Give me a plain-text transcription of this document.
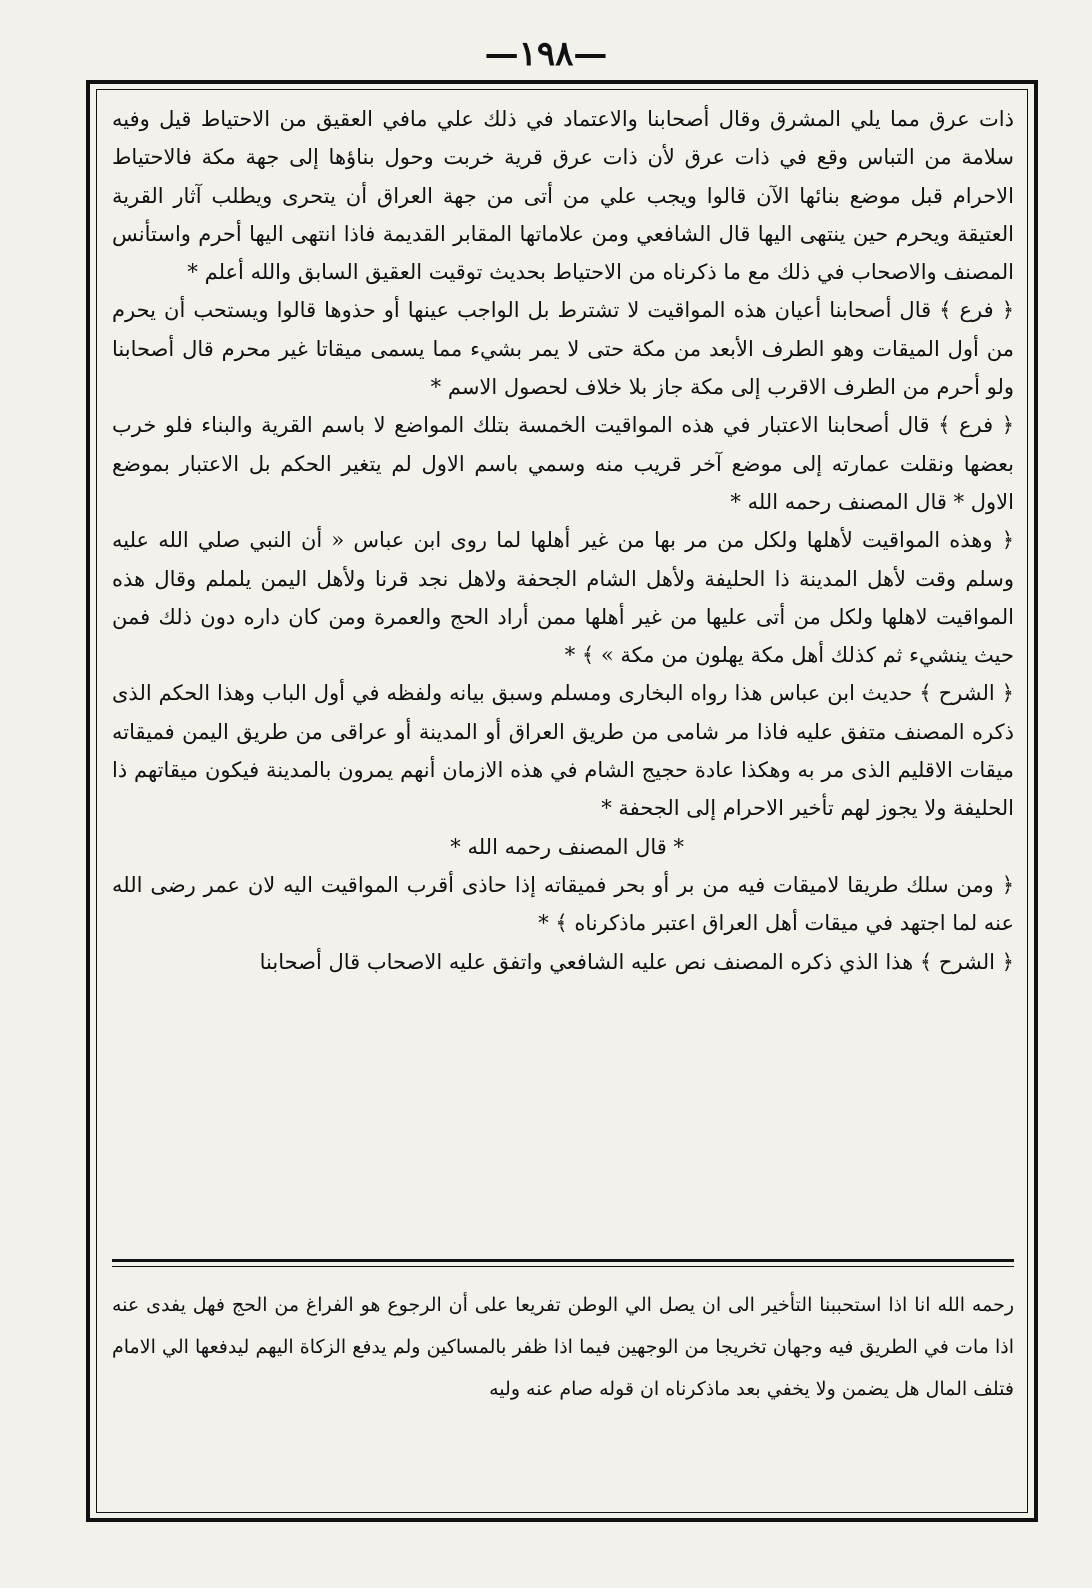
—١٩٨—

ذات عرق مما يلي المشرق وقال أصحابنا والاعتماد في ذلك علي مافي العقيق من الاحتياط قيل وفيه سلامة من التباس وقع في ذات عرق لأن ذات عرق قرية خربت وحول بناؤها إلى جهة مكة فالاحتياط الاحرام قبل موضع بنائها الآن قالوا ويجب علي من أتى من جهة العراق أن يتحرى ويطلب آثار القرية العتيقة ويحرم حين ينتهى اليها قال الشافعي ومن علاماتها المقابر القديمة فاذا انتهى اليها أحرم واستأنس المصنف والاصحاب في ذلك مع ما ذكرناه من الاحتياط بحديث توقيت العقيق السابق والله أعلم *

﴿ فرع ﴾ قال أصحابنا أعيان هذه المواقيت لا تشترط بل الواجب عينها أو حذوها قالوا ويستحب أن يحرم من أول الميقات وهو الطرف الأبعد من مكة حتى لا يمر بشيء مما يسمى ميقاتا غير محرم قال أصحابنا ولو أحرم من الطرف الاقرب إلى مكة جاز بلا خلاف لحصول الاسم *

﴿ فرع ﴾ قال أصحابنا الاعتبار في هذه المواقيت الخمسة بتلك المواضع لا باسم القرية والبناء فلو خرب بعضها ونقلت عمارته إلى موضع آخر قريب منه وسمي باسم الاول لم يتغير الحكم بل الاعتبار بموضع الاول * قال المصنف رحمه الله *

﴿ وهذه المواقيت لأهلها ولكل من مر بها من غير أهلها لما روى ابن عباس « أن النبي صلي الله عليه وسلم وقت لأهل المدينة ذا الحليفة ولأهل الشام الجحفة ولاهل نجد قرنا ولأهل اليمن يلملم وقال هذه المواقيت لاهلها ولكل من أتى عليها من غير أهلها ممن أراد الحج والعمرة ومن كان داره دون ذلك فمن حيث ينشيء ثم كذلك أهل مكة يهلون من مكة » ﴾ *

﴿ الشرح ﴾ حديث ابن عباس هذا رواه البخارى ومسلم وسبق بيانه ولفظه في أول الباب وهذا الحكم الذى ذكره المصنف متفق عليه فاذا مر شامى من طريق العراق أو المدينة أو عراقى من طريق اليمن فميقاته ميقات الاقليم الذى مر به وهكذا عادة حجيج الشام في هذه الازمان أنهم يمرون بالمدينة فيكون ميقاتهم ذا الحليفة ولا يجوز لهم تأخير الاحرام إلى الجحفة *

* قال المصنف رحمه الله *

﴿ ومن سلك طريقا لاميقات فيه من بر أو بحر فميقاته إذا حاذى أقرب المواقيت اليه لان عمر رضى الله عنه لما اجتهد في ميقات أهل العراق اعتبر ماذكرناه ﴾ *

﴿ الشرح ﴾ هذا الذي ذكره المصنف نص عليه الشافعي واتفق عليه الاصحاب قال أصحابنا

رحمه الله انا اذا استحببنا التأخير الى ان يصل الي الوطن تفريعا على أن الرجوع هو الفراغ من الحج فهل يفدى عنه اذا مات في الطريق فيه وجهان تخريجا من الوجهين فيما اذا ظفر بالمساكين ولم يدفع الزكاة اليهم ليدفعها الي الامام فتلف المال هل يضمن ولا يخفي بعد ماذكرناه ان قوله صام عنه وليه
